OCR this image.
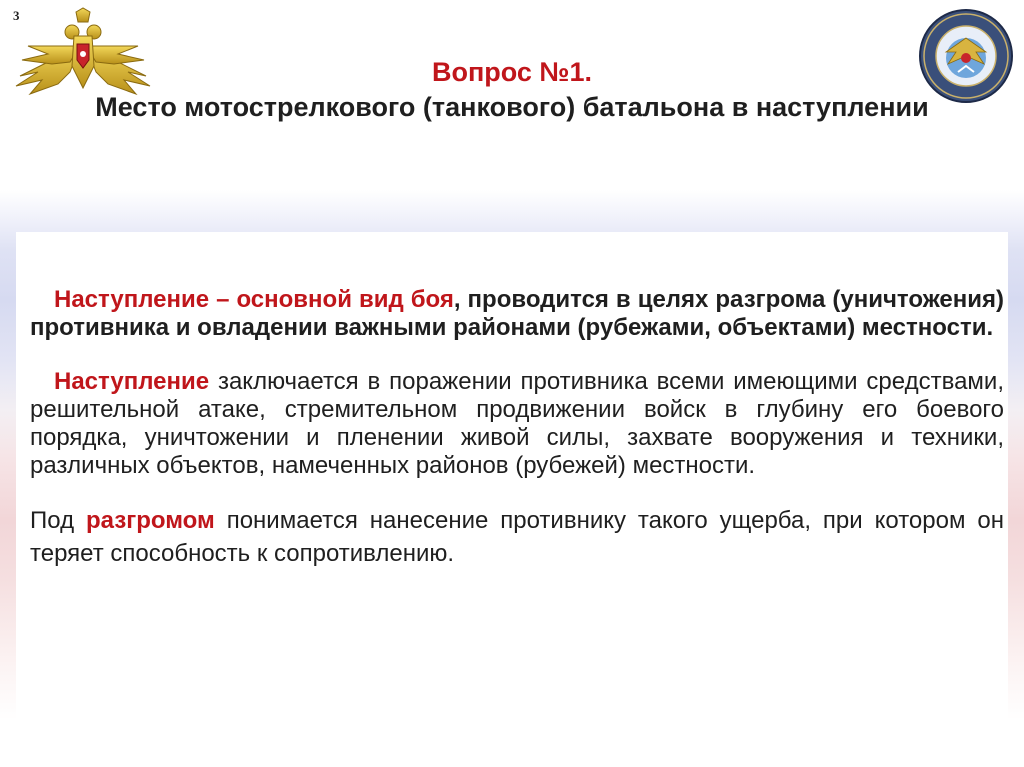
3
Вопрос №1.
Место мотострелкового (танкового) батальона в наступлении

Наступление – основной вид боя, проводится в целях разгрома (уничтожения) противника и овладении важными районами (рубежами, объектами) местности.

Наступление заключается в поражении противника всеми имеющими средствами, решительной атаке, стремительном продвижении войск в глубину его боевого порядка, уничтожении и пленении живой силы, захвате вооружения и техники, различных объектов, намеченных районов (рубежей) местности.

Под разгромом понимается нанесение противнику такого ущерба, при котором он теряет способность к сопротивлению.
